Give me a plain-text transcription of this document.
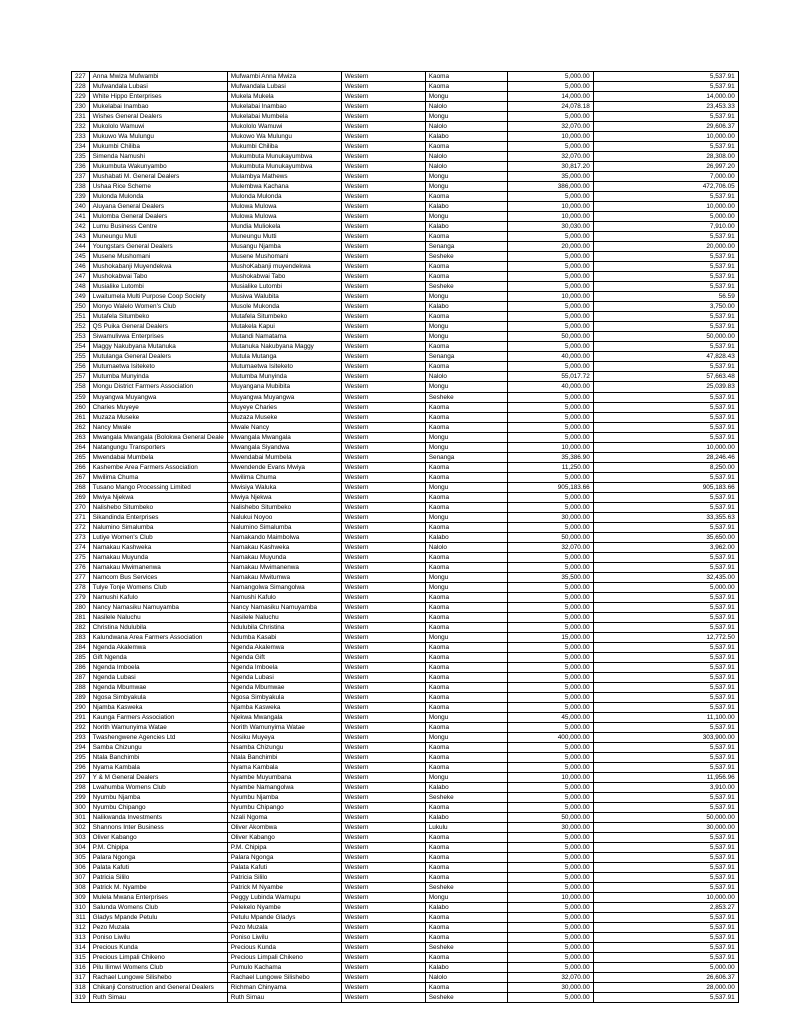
227	Anna Mwiza Mufwambi	Mufwambi Anna Mwiza	Western	Kaoma	5,000.00	5,537.91
228	Mufwandala Lubasi	Mufwandala Lubasi	Western	Kaoma	5,000.00	5,537.91
229	White Hippo Enterprises	Mukela Mukela	Western	Mongu	14,000.00	14,000.00
230	Mukelabai Inambao	Mukelabai Inambao	Western	Nalolo	24,078.18	23,453.33
231	Wishes General Dealers	Mukelabai Mumbela	Western	Mongu	5,000.00	5,537.91
232	Mukololo Wamuwi	Mukololo Wamuwi	Western	Nalolo	32,070.00	29,606.37
233	Mukuwo Wa Mulungu	Mukowo Wa Mulungu	Western	Kalabo	10,000.00	10,000.00
234	Mukumbi Chiliba	Mukumbi Chiliba	Western	Kaoma	5,000.00	5,537.91
235	Simenda Namushi	Mukumbuta Munukayumbwa	Western	Nalolo	32,070.00	28,308.00
236	Mukumbuta Wakunyambo	Mukumbuta Munukayumbwa	Western	Nalolo	30,817.20	26,997.20
237	Mushabati M. General Dealers	Mulambya Mathews	Western	Mongu	35,000.00	7,000.00
238	Ushaa Rice Scheme	Mulembwa Kachana	Western	Mongu	386,000.00	472,706.05
239	Mulonda Mulonda	Mulonda Mulonda	Western	Kaoma	5,000.00	5,537.91
240	Aluyana General Dealers	Mulowa Mulowa	Western	Kalabo	10,000.00	10,000.00
241	Mulomba General Dealers	Mulowa Mulowa	Western	Mongu	10,000.00	5,000.00
242	Lumu Business Centre	Mundia Muliokela	Western	Kalabo	30,030.00	7,910.00
243	Muneungu Muti	Muneungu Mutti	Western	Kaoma	5,000.00	5,537.91
244	Youngstars General Dealers	Musangu Njamba	Western	Senanga	20,000.00	20,000.00
245	Musene Mushomani	Musene Mushomani	Western	Sesheke	5,000.00	5,537.91
246	Mushokabanji Muyendekwa	MushoKabanji muyendekwa	Western	Kaoma	5,000.00	5,537.91
247	Mushokabwai Tabo	Mushokabwai Tabo	Western	Kaoma	5,000.00	5,537.91
248	Musialike Lutombi	Musialike Lutombi	Western	Sesheke	5,000.00	5,537.91
249	Lwaitumela Multi Purpose Coop Society	Musiwa Walubita	Western	Mongu	10,000.00	56.59
250	Monyo Walelo Women's Club	Musole Mukonda	Western	Kalabo	5,000.00	3,750.00
251	Mutafela Situmbeko	Mutafela Situmbeko	Western	Kaoma	5,000.00	5,537.91
252	QS Puika General Dealers	Mutakela Kapui	Western	Mongu	5,000.00	5,537.91
253	Siwamulivwa Enterprises	Mutandi Namatama	Western	Mongu	50,000.00	50,000.00
254	Maggy Nakubyana Mutanuka	Mutanuka Nakubyana Maggy	Western	Kaoma	5,000.00	5,537.91
255	Mutulanga General Dealers	Mutula Mutanga	Western	Senanga	40,000.00	47,828.43
256	Mutumaetwa Isiteketo	Mutumaetwa Isiteketo	Western	Kaoma	5,000.00	5,537.91
257	Mutumba Munyinda	Mutumba Munyinda	Western	Nalolo	55,017.72	57,663.48
258	Mongu District Farmers Association	Muyangana Mubibita	Western	Mongu	40,000.00	25,039.83
259	Muyangwa Muyangwa	Muyangwa Muyangwa	Western	Sesheke	5,000.00	5,537.91
260	Charies Muyeye	Muyeye Charies	Western	Kaoma	5,000.00	5,537.91
261	Muzaza Museke	Muzaza Museke	Western	Kaoma	5,000.00	5,537.91
262	Nancy Mwale	Mwale Nancy	Western	Kaoma	5,000.00	5,537.91
263	Mwangala Mwangala (Bolokwa General Deale	Mwangala Mwangala	Western	Mongu	5,000.00	5,537.91
264	Natangungu Transporters	Mwangala Siyandwa	Western	Mongu	10,000.00	10,000.00
265	Mwendabai Mumbela	Mwendabai Mumbela	Western	Senanga	35,386.90	28,246.46
266	Kashembe Area Farmers Association	Mwendende Evans Mwiya	Western	Kaoma	11,250.00	8,250.00
267	Mwilima Chuma	Mwilima Chuma	Western	Kaoma	5,000.00	5,537.91
268	Tusano Mango Processing Limited	Mwisiya Waluka	Western	Mongu	905,183.66	905,183.66
269	Mwiya Njekwa	Mwiya Njekwa	Western	Kaoma	5,000.00	5,537.91
270	Nalishebo Situmbeko	Nalishebo Situmbeko	Western	Kaoma	5,000.00	5,537.91
271	Sikandinda Enterprises	Nalukui Noyoo	Western	Mongu	30,000.00	33,355.63
272	Nalumino Simalumba	Nalumino Simalumba	Western	Kaoma	5,000.00	5,537.91
273	Lutiye Women's Club	Namakando Maimbolwa	Western	Kalabo	50,000.00	35,650.00
274	Namakau Kashweka	Namakau Kashweka	Western	Nalolo	32,070.00	3,962.00
275	Namakau Muyunda	Namakau Muyunda	Western	Kaoma	5,000.00	5,537.91
276	Namakau Mwimanenwa	Namakau Mwimanenwa	Western	Kaoma	5,000.00	5,537.91
277	Namcom Bus Services	Namakau Mwitumwa	Western	Mongu	35,500.00	32,435.00
278	Tulye Tonje Womens Club	Namangolwa Simangolwa	Western	Mongu	5,000.00	5,000.00
279	Namushi Kafulo	Namushi Kafulo	Western	Kaoma	5,000.00	5,537.91
280	Nancy Namasiku Namuyamba	Nancy Namasiku Namuyamba	Western	Kaoma	5,000.00	5,537.91
281	Nasilele Naluchu	Nasilele Naluchu	Western	Kaoma	5,000.00	5,537.91
282	Christina Ndulubila	Ndulubila Christina	Western	Kaoma	5,000.00	5,537.91
283	Kalundwana Area Farmers Association	Ndumba Kasabi	Western	Mongu	15,000.00	12,772.50
284	Ngenda Akalemwa	Ngenda Akalemwa	Western	Kaoma	5,000.00	5,537.91
285	Gift Ngenda	Ngenda Gift	Western	Kaoma	5,000.00	5,537.91
286	Ngenda Imboela	Ngenda Imboela	Western	Kaoma	5,000.00	5,537.91
287	Ngenda Lubasi	Ngenda Lubasi	Western	Kaoma	5,000.00	5,537.91
288	Ngenda Mbumwae	Ngenda Mbumwae	Western	Kaoma	5,000.00	5,537.91
289	Ngosa Simbyakula	Ngosa Simbyakula	Western	Kaoma	5,000.00	5,537.91
290	Njamba Kasweka	Njamba Kasweka	Western	Kaoma	5,000.00	5,537.91
291	Kaunga Farmers Association	Njekwa Mwangala	Western	Mongu	45,000.00	11,100.00
292	Norith Wamunyima Watae	Norith Wamunyima Watae	Western	Kaoma	5,000.00	5,537.91
293	Twashengwene Agencies Ltd	Nosiku Muyeya	Western	Mongu	400,000.00	303,900.00
294	Samba Chizungu	Nsamba Chizungu	Western	Kaoma	5,000.00	5,537.91
295	Ntala Banchimbi	Ntala Banchimbi	Western	Kaoma	5,000.00	5,537.91
296	Nyama Kambala	Nyama Kambala	Western	Kaoma	5,000.00	5,537.91
297	Y & M General Dealers	Nyambe Muyumbana	Western	Mongu	10,000.00	11,956.96
298	Lwahumba Womens Club	Nyambe Namangolwa	Western	Kalabo	5,000.00	3,910.00
299	Nyumbu Njamba	Nyumbu Njamba	Western	Sesheke	5,000.00	5,537.91
300	Nyumbu Chipango	Nyumbu Chipango	Western	Kaoma	5,000.00	5,537.91
301	Nalikwanda Investments	Nzali Ngoma	Western	Kalabo	50,000.00	50,000.00
302	Shannons Inter Business	Oliver Akombwa	Western	Lukulu	30,000.00	30,000.00
303	Oliver Kabango	Oliver Kabango	Western	Kaoma	5,000.00	5,537.91
304	P.M. Chipipa	P.M. Chipipa	Western	Kaoma	5,000.00	5,537.91
305	Palara Ngonga	Palara Ngonga	Western	Kaoma	5,000.00	5,537.91
306	Palata Kafuti	Palata Kafuti	Western	Kaoma	5,000.00	5,537.91
307	Patricia Sililo	Patricia Sililo	Western	Kaoma	5,000.00	5,537.91
308	Patrick M. Nyambe	Patrick M Nyambe	Western	Sesheke	5,000.00	5,537.91
309	Mulela Mwana Enterprises	Peggy Lubinda Wamupu	Western	Mongu	10,000.00	10,000.00
310	Salunda Womens Club	Pelekelo Nyambe	Western	Kalabo	5,000.00	2,853.27
311	Gladys Mpande Petulu	Petulu Mpande Gladys	Western	Kaoma	5,000.00	5,537.91
312	Pezo Muzala	Pezo Muzala	Western	Kaoma	5,000.00	5,537.91
313	Poniso Liwilu	Poniso Liwilu	Western	Kaoma	5,000.00	5,537.91
314	Precious Kunda	Precious Kunda	Western	Sesheke	5,000.00	5,537.91
315	Precious Limpali Chikeno	Precious Limpali Chikeno	Western	Kaoma	5,000.00	5,537.91
316	Pilu Ilimwi Womens Club	Pumulo Kachama	Western	Kalabo	5,000.00	5,000.00
317	Rachael Lungowe Silishebo	Rachael Lungowe Silishebo	Western	Nalolo	32,070.00	26,606.37
318	Chikanji Construction and General Dealers	Richman Chinyama	Western	Kaoma	30,000.00	28,000.00
319	Ruth Simau	Ruth Simau	Western	Sesheke	5,000.00	5,537.91
